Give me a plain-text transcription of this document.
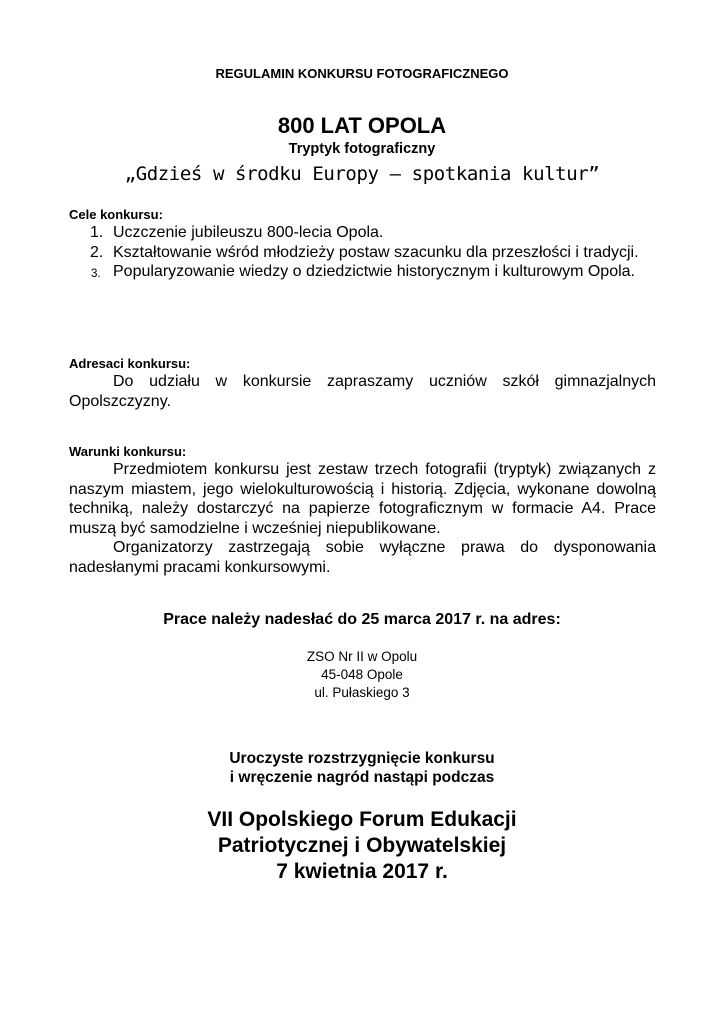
REGULAMIN KONKURSU FOTOGRAFICZNEGO
800 LAT OPOLA
Tryptyk fotograficzny
„Gdzieś w środku Europy – spotkania kultur”
Cele konkursu:
1. Uczczenie jubileuszu 800-lecia Opola.
2. Kształtowanie wśród młodzieży postaw szacunku dla przeszłości i tradycji.
3. Popularyzowanie wiedzy o dziedzictwie historycznym i kulturowym Opola.
Adresaci konkursu:
Do udziału w konkursie zapraszamy uczniów szkół gimnazjalnych Opolszczyzny.
Warunki konkursu:
Przedmiotem konkursu jest zestaw trzech fotografii (tryptyk) związanych z naszym miastem, jego wielokulturowością i historią. Zdjęcia, wykonane dowolną techniką, należy dostarczyć na papierze fotograficznym w formacie A4. Prace muszą być samodzielne i wcześniej niepublikowane.
Organizatorzy zastrzegają sobie wyłączne prawa do dysponowania nadesłanymi pracami konkursowymi.
Prace należy nadesłać do 25 marca 2017 r. na adres:
ZSO Nr II w Opolu
45-048 Opole
ul. Pułaskiego 3
Uroczyste rozstrzygnięcie konkursu
i wręczenie nagród nastąpi podczas
VII Opolskiego Forum Edukacji
Patriotycznej i Obywatelskiej
7 kwietnia 2017 r.
